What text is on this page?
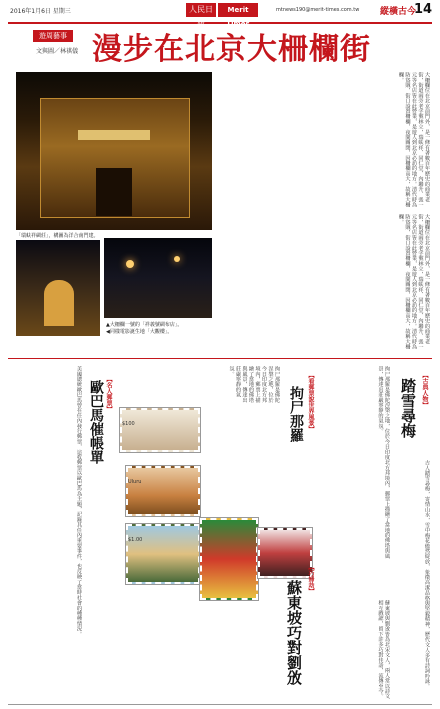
2016年1月6日 星期三	人民日報
Merit Times
mtnews190@merit-times.com.tw 縱橫古今
14
遊周藝事
文與圖／林祺儀 漫步在北京大柵欄街
「瑞蚨祥綢莊」，構圖為洋合南門建。
▲大柵欄一號的「祥義號綢布店」。
◀同樣電影誕生地「大觀樓」。
大柵欄位在北京前門外，是一條有著數百年歷史的商業老街，街道兩旁老字號林立，瑞蚨祥、同仁堂、內聯升、張一元等名店皆在此營業，是遊人到北京必訪的地方。清代時為防盜賊，街口設置柵欄，夜間關閉，因柵欄高大，故稱大柵欄。
大柵欄位在北京前門外，是一條有著數百年歷史的商業老街，街道兩旁老字號林立，瑞蚨祥、同仁堂、內聯升、張一元等名店皆在此營業，是遊人到北京必訪的地方。清代時為防盜賊，街口設置柵欄，夜間關閉，因柵欄高大，故稱大柵欄。
【名人郵票】
歐巴馬催帳單
美國總統歐巴馬曾在任內發行郵票，這枚郵票以歐巴馬為主題，記錄其任內重要事件，也反映了當時社會的種種情況。	$100
Uluru
$1.00
拘尸那羅是佛陀涅槃之地，位於今日印度北方邦境內，郵票上描繪了當地的佛塔與風景，傳達出莊嚴寧靜的氣氛。
【看郵票說世界風景】
拘尸那羅	拘尸那羅是佛陀涅槃之地，位於今日印度北方邦境內，郵票上描繪了當地的佛塔與風景，傳達出莊嚴寧靜的氣氛。	【古典人物】
踏雪尋梅
古人踏雪尋梅，寄情山水，雪中梅花傲然綻放，象徵高潔品格與堅毅精神，歷代文人多有詩詞吟詠。
【巧婦劫】
蘇東坡巧對劉攽	蘇東坡與劉攽皆為北宋文人，兩人常以詩文相互戲謔，留下許多巧對佳話，流傳至今。
